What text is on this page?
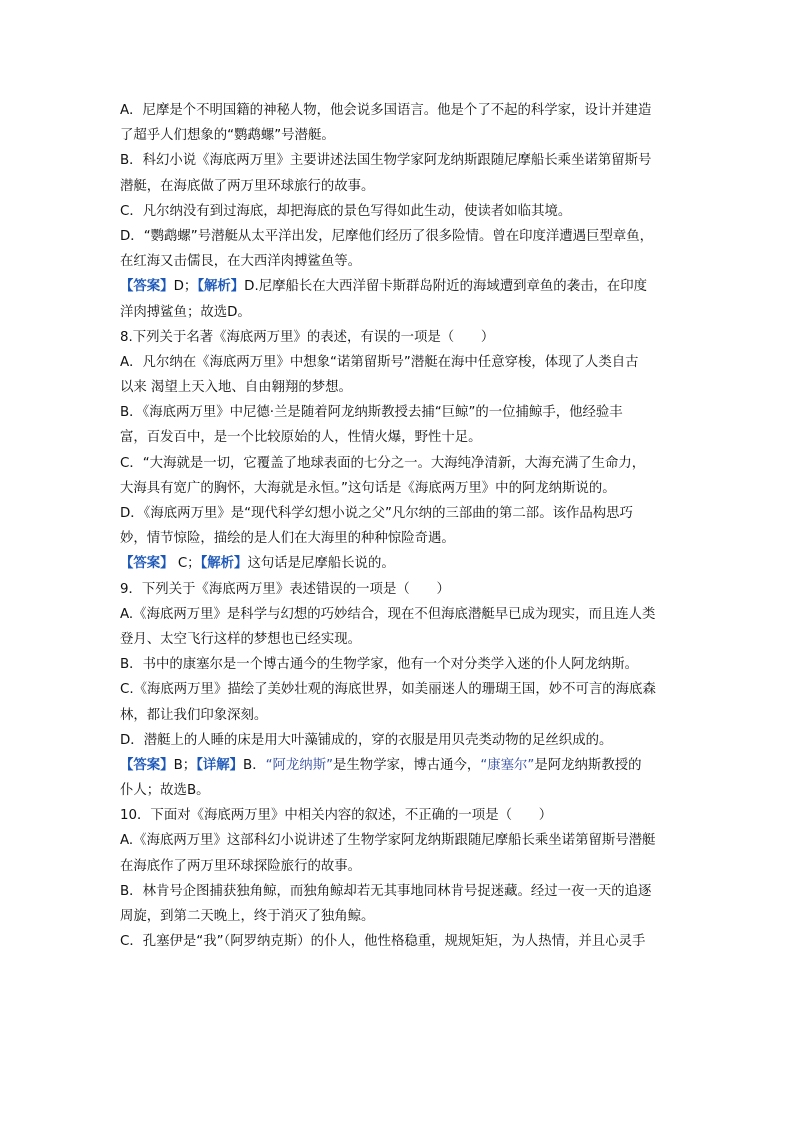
A．尼摩是个不明国籍的神秘人物，他会说多国语言。他是个了不起的科学家，设计并建造
了超乎人们想象的“鹦鹉螺”号潜艇。
B．科幻小说《海底两万里》主要讲述法国生物学家阿龙纳斯跟随尼摩船长乘坐诺第留斯号
潜艇，在海底做了两万里环球旅行的故事。
C．凡尔纳没有到过海底，却把海底的景色写得如此生动，使读者如临其境。
D．“鹦鹉螺”号潜艇从太平洋出发，尼摩他们经历了很多险情。曾在印度洋遭遇巨型章鱼，
在红海又击儒艮，在大西洋肉搏鲨鱼等。
【答案】D；【解析】D.尼摩船长在大西洋留卡斯群岛附近的海域遭到章鱼的袭击，在印度
洋肉搏鲨鱼；故选D。
8.下列关于名著《海底两万里》的表述，有误的一项是（　　）
A．凡尔纳在《海底两万里》中想象“诺第留斯号”潜艇在海中任意穿梭，体现了人类自古
以来 渴望上天入地、自由翱翔的梦想。
B．《海底两万里》中尼德·兰是随着阿龙纳斯教授去捕“巨鲸”的一位捕鲸手，他经验丰
富，百发百中，是一个比较原始的人，性情火爆，野性十足。
C．“大海就是一切，它覆盖了地球表面的七分之一。大海纯净清新，大海充满了生命力，
大海具有宽广的胸怀，大海就是永恒。”这句话是《海底两万里》中的阿龙纳斯说的。
D．《海底两万里》是“现代科学幻想小说之父”凡尔纳的三部曲的第二部。该作品构思巧
妙，情节惊险，描绘的是人们在大海里的种种惊险奇遇。
【答案】 C；【解析】这句话是尼摩船长说的。
9．下列关于《海底两万里》表述错误的一项是（　　）
A.《海底两万里》是科学与幻想的巧妙结合，现在不但海底潜艇早已成为现实，而且连人类
登月、太空飞行这样的梦想也已经实现。
B．书中的康塞尔是一个博古通今的生物学家，他有一个对分类学入迷的仆人阿龙纳斯。
C.《海底两万里》描绘了美妙壮观的海底世界，如美丽迷人的珊瑚王国，妙不可言的海底森
林，都让我们印象深刻。
D．潜艇上的人睡的床是用大叶藻铺成的，穿的衣服是用贝壳类动物的足丝织成的。
【答案】B；【详解】B．“阿龙纳斯”是生物学家，博古通今，“康塞尔”是阿龙纳斯教授的
仆人；故选B。
10．下面对《海底两万里》中相关内容的叙述，不正确的一项是（　　）
A.《海底两万里》这部科幻小说讲述了生物学家阿龙纳斯跟随尼摩船长乘坐诺第留斯号潜艇
在海底作了两万里环球探险旅行的故事。
B．林肯号企图捕获独角鲸，而独角鲸却若无其事地同林肯号捉迷藏。经过一夜一天的追逐
周旋，到第二天晚上，终于消灭了独角鲸。
C．孔塞伊是“我”（阿罗纳克斯）的仆人，他性格稳重，规规矩矩，为人热情，并且心灵手
